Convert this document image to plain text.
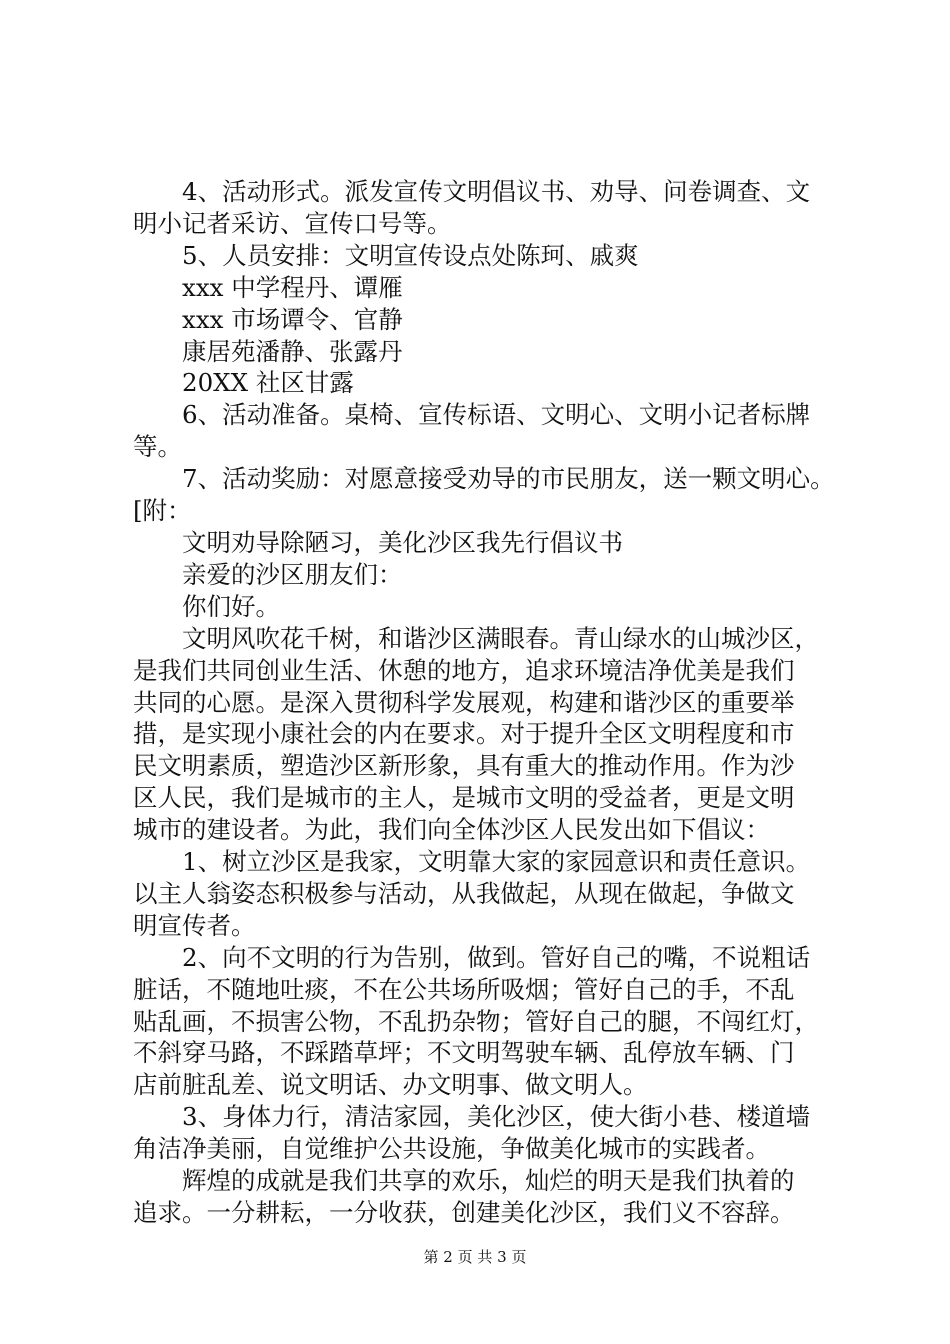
4、活动形式。派发宣传文明倡议书、劝导、问卷调查、文

明小记者采访、宣传口号等。

5、人员安排：文明宣传设点处陈珂、戚爽

xxx 中学程丹、谭雁

xxx 市场谭令、官静

康居苑潘静、张露丹

20XX 社区甘露

6、活动准备。桌椅、宣传标语、文明心、文明小记者标牌

等。

7、活动奖励：对愿意接受劝导的市民朋友，送一颗文明心。

[附：

文明劝导除陋习，美化沙区我先行倡议书

亲爱的沙区朋友们：

你们好。

文明风吹花千树，和谐沙区满眼春。青山绿水的山城沙区，

是我们共同创业生活、休憩的地方，追求环境洁净优美是我们

共同的心愿。是深入贯彻科学发展观，构建和谐沙区的重要举

措，是实现小康社会的内在要求。对于提升全区文明程度和市

民文明素质，塑造沙区新形象，具有重大的推动作用。作为沙

区人民，我们是城市的主人，是城市文明的受益者，更是文明

城市的建设者。为此，我们向全体沙区人民发出如下倡议：

1、树立沙区是我家，文明靠大家的家园意识和责任意识。

以主人翁姿态积极参与活动，从我做起，从现在做起，争做文

明宣传者。

2、向不文明的行为告别，做到。管好自己的嘴，不说粗话

脏话，不随地吐痰，不在公共场所吸烟；管好自己的手，不乱

贴乱画，不损害公物，不乱扔杂物；管好自己的腿，不闯红灯，

不斜穿马路，不踩踏草坪；不文明驾驶车辆、乱停放车辆、门

店前脏乱差、说文明话、办文明事、做文明人。

3、身体力行，清洁家园，美化沙区，使大街小巷、楼道墙

角洁净美丽，自觉维护公共设施，争做美化城市的实践者。

辉煌的成就是我们共享的欢乐，灿烂的明天是我们执着的

追求。一分耕耘，一分收获，创建美化沙区，我们义不容辞。

第 2 页 共 3 页
